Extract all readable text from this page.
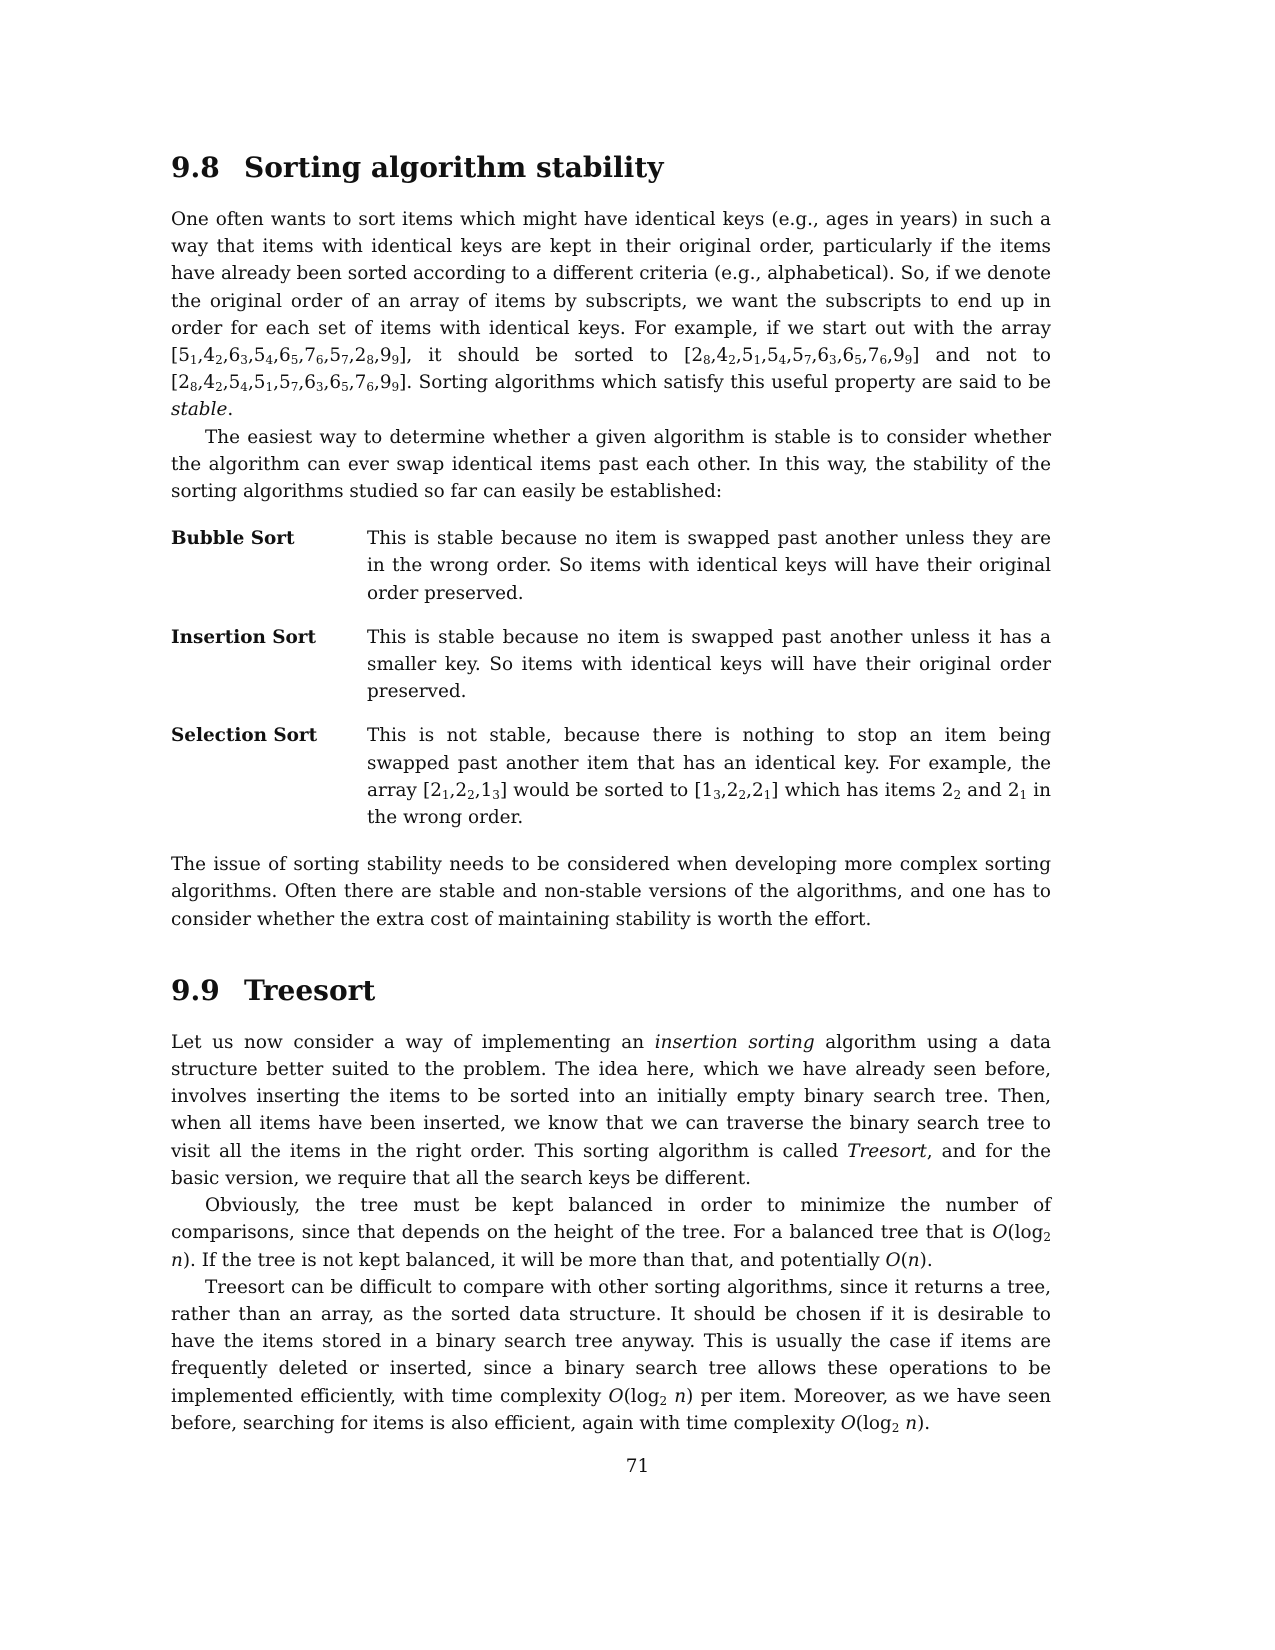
9.8 Sorting algorithm stability

One often wants to sort items which might have identical keys (e.g., ages in years) in such a way that items with identical keys are kept in their original order, particularly if the items have already been sorted according to a different criteria (e.g., alphabetical). So, if we denote the original order of an array of items by subscripts, we want the subscripts to end up in order for each set of items with identical keys. For example, if we start out with the array $[5_1,4_2,6_3,5_4,6_5,7_6,5_7,2_8,9_9]$, it should be sorted to $[2_8,4_2,5_1,5_4,5_7,6_3,6_5,7_6,9_9]$ and not to $[2_8,4_2,5_4,5_1,5_7,6_3,6_5,7_6,9_9]$. Sorting algorithms which satisfy this useful property are said to be stable.

The easiest way to determine whether a given algorithm is stable is to consider whether the algorithm can ever swap identical items past each other. In this way, the stability of the sorting algorithms studied so far can easily be established:

Bubble Sort	This is stable because no item is swapped past another unless they are in the wrong order. So items with identical keys will have their original order preserved.
Insertion Sort	This is stable because no item is swapped past another unless it has a smaller key. So items with identical keys will have their original order preserved.
Selection Sort	This is not stable, because there is nothing to stop an item being swapped past another item that has an identical key. For example, the array $[2_1,2_2,1_3]$ would be sorted to $[1_3,2_2,2_1]$ which has items $2_2$ and $2_1$ in the wrong order.

The issue of sorting stability needs to be considered when developing more complex sorting algorithms. Often there are stable and non-stable versions of the algorithms, and one has to consider whether the extra cost of maintaining stability is worth the effort.

9.9 Treesort

Let us now consider a way of implementing an insertion sorting algorithm using a data structure better suited to the problem. The idea here, which we have already seen before, involves inserting the items to be sorted into an initially empty binary search tree. Then, when all items have been inserted, we know that we can traverse the binary search tree to visit all the items in the right order. This sorting algorithm is called Treesort, and for the basic version, we require that all the search keys be different.

Obviously, the tree must be kept balanced in order to minimize the number of comparisons, since that depends on the height of the tree. For a balanced tree that is $O(\log_2$ n). If the tree is not kept balanced, it will be more than that, and potentially O(n).

Treesort can be difficult to compare with other sorting algorithms, since it returns a tree, rather than an array, as the sorted data structure. It should be chosen if it is desirable to have the items stored in a binary search tree anyway. This is usually the case if items are frequently deleted or inserted, since a binary search tree allows these operations to be implemented efficiently, with time complexity $O(\log_2$ n) per item. Moreover, as we have seen before, searching for items is also efficient, again with time complexity $O(\log_2$ n).

71
